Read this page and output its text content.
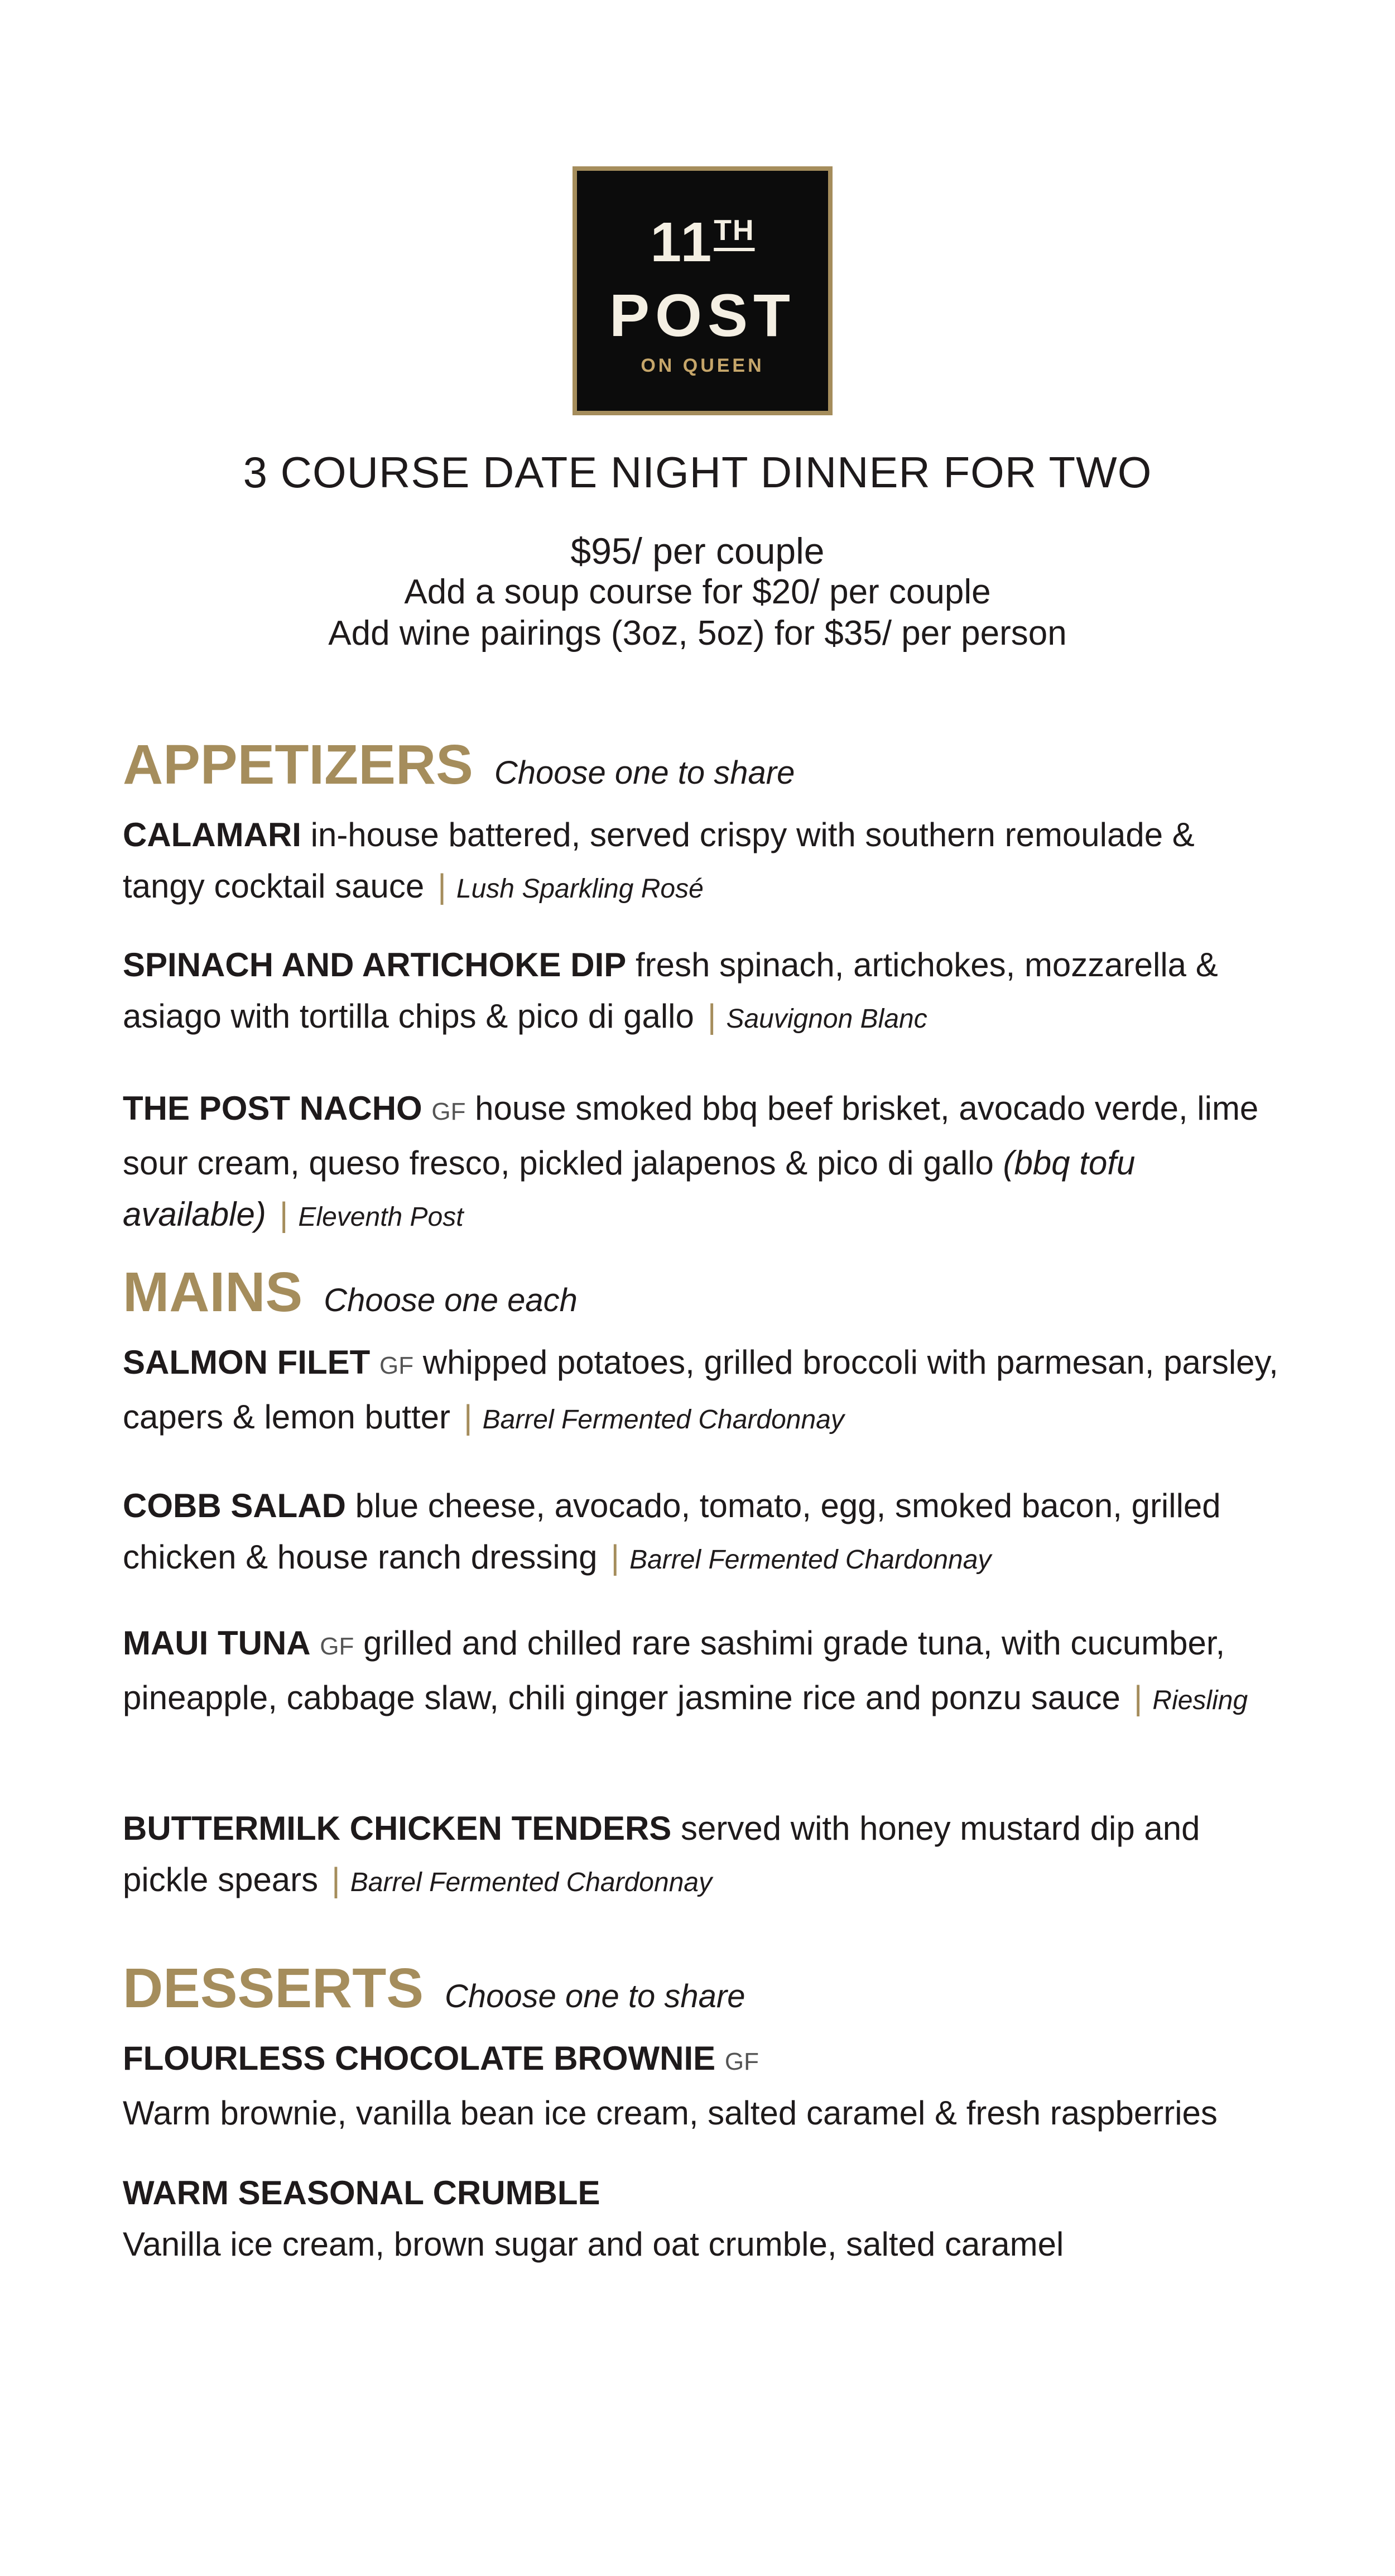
11TH
POST
ON QUEEN
3 COURSE DATE NIGHT DINNER FOR TWO
$95/ per couple
Add a soup course for $20/ per couple
Add wine pairings (3oz, 5oz) for $35/ per person
APPETIZERS Choose one to share
CALAMARI in-house battered, served crispy with southern remoulade & tangy cocktail sauce | Lush Sparkling Rosé
SPINACH AND ARTICHOKE DIP fresh spinach, artichokes, mozzarella & asiago with tortilla chips & pico di gallo | Sauvignon Blanc
THE POST NACHO GF house smoked bbq beef brisket, avocado verde, lime sour cream, queso fresco, pickled jalapenos & pico di gallo (bbq tofu available) | Eleventh Post
MAINS Choose one each
SALMON FILET GF whipped potatoes, grilled broccoli with parmesan, parsley, capers & lemon butter | Barrel Fermented Chardonnay
COBB SALAD blue cheese, avocado, tomato, egg, smoked bacon, grilled chicken & house ranch dressing | Barrel Fermented Chardonnay
MAUI TUNA GF grilled and chilled rare sashimi grade tuna, with cucumber, pineapple, cabbage slaw, chili ginger jasmine rice and ponzu sauce | Riesling
BUTTERMILK CHICKEN TENDERS served with honey mustard dip and pickle spears | Barrel Fermented Chardonnay
DESSERTS Choose one to share
FLOURLESS CHOCOLATE BROWNIE GF
Warm brownie, vanilla bean ice cream, salted caramel & fresh raspberries
WARM SEASONAL CRUMBLE
Vanilla ice cream, brown sugar and oat crumble, salted caramel
